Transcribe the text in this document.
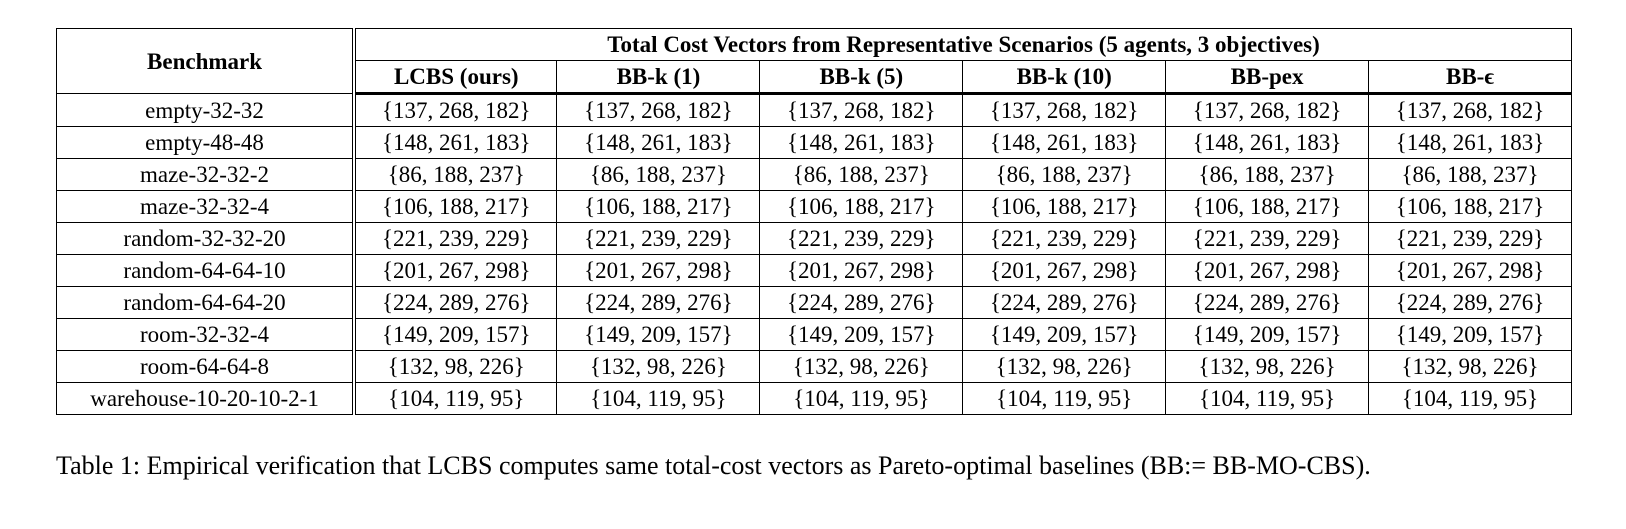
Benchmark	Total Cost Vectors from Representative Scenarios (5 agents, 3 objectives)					
	LCBS (ours)	BB-k (1)	BB-k (5)	BB-k (10)	BB-pex	BB-ϵ
empty-32-32	{137, 268, 182}	{137, 268, 182}	{137, 268, 182}	{137, 268, 182}	{137, 268, 182}	{137, 268, 182}
empty-48-48	{148, 261, 183}	{148, 261, 183}	{148, 261, 183}	{148, 261, 183}	{148, 261, 183}	{148, 261, 183}
maze-32-32-2	{86, 188, 237}	{86, 188, 237}	{86, 188, 237}	{86, 188, 237}	{86, 188, 237}	{86, 188, 237}
maze-32-32-4	{106, 188, 217}	{106, 188, 217}	{106, 188, 217}	{106, 188, 217}	{106, 188, 217}	{106, 188, 217}
random-32-32-20	{221, 239, 229}	{221, 239, 229}	{221, 239, 229}	{221, 239, 229}	{221, 239, 229}	{221, 239, 229}
random-64-64-10	{201, 267, 298}	{201, 267, 298}	{201, 267, 298}	{201, 267, 298}	{201, 267, 298}	{201, 267, 298}
random-64-64-20	{224, 289, 276}	{224, 289, 276}	{224, 289, 276}	{224, 289, 276}	{224, 289, 276}	{224, 289, 276}
room-32-32-4	{149, 209, 157}	{149, 209, 157}	{149, 209, 157}	{149, 209, 157}	{149, 209, 157}	{149, 209, 157}
room-64-64-8	{132, 98, 226}	{132, 98, 226}	{132, 98, 226}	{132, 98, 226}	{132, 98, 226}	{132, 98, 226}
warehouse-10-20-10-2-1	{104, 119, 95}	{104, 119, 95}	{104, 119, 95}	{104, 119, 95}	{104, 119, 95}	{104, 119, 95}
Table 1: Empirical verification that LCBS computes same total-cost vectors as Pareto-optimal baselines (BB:= BB-MO-CBS).
